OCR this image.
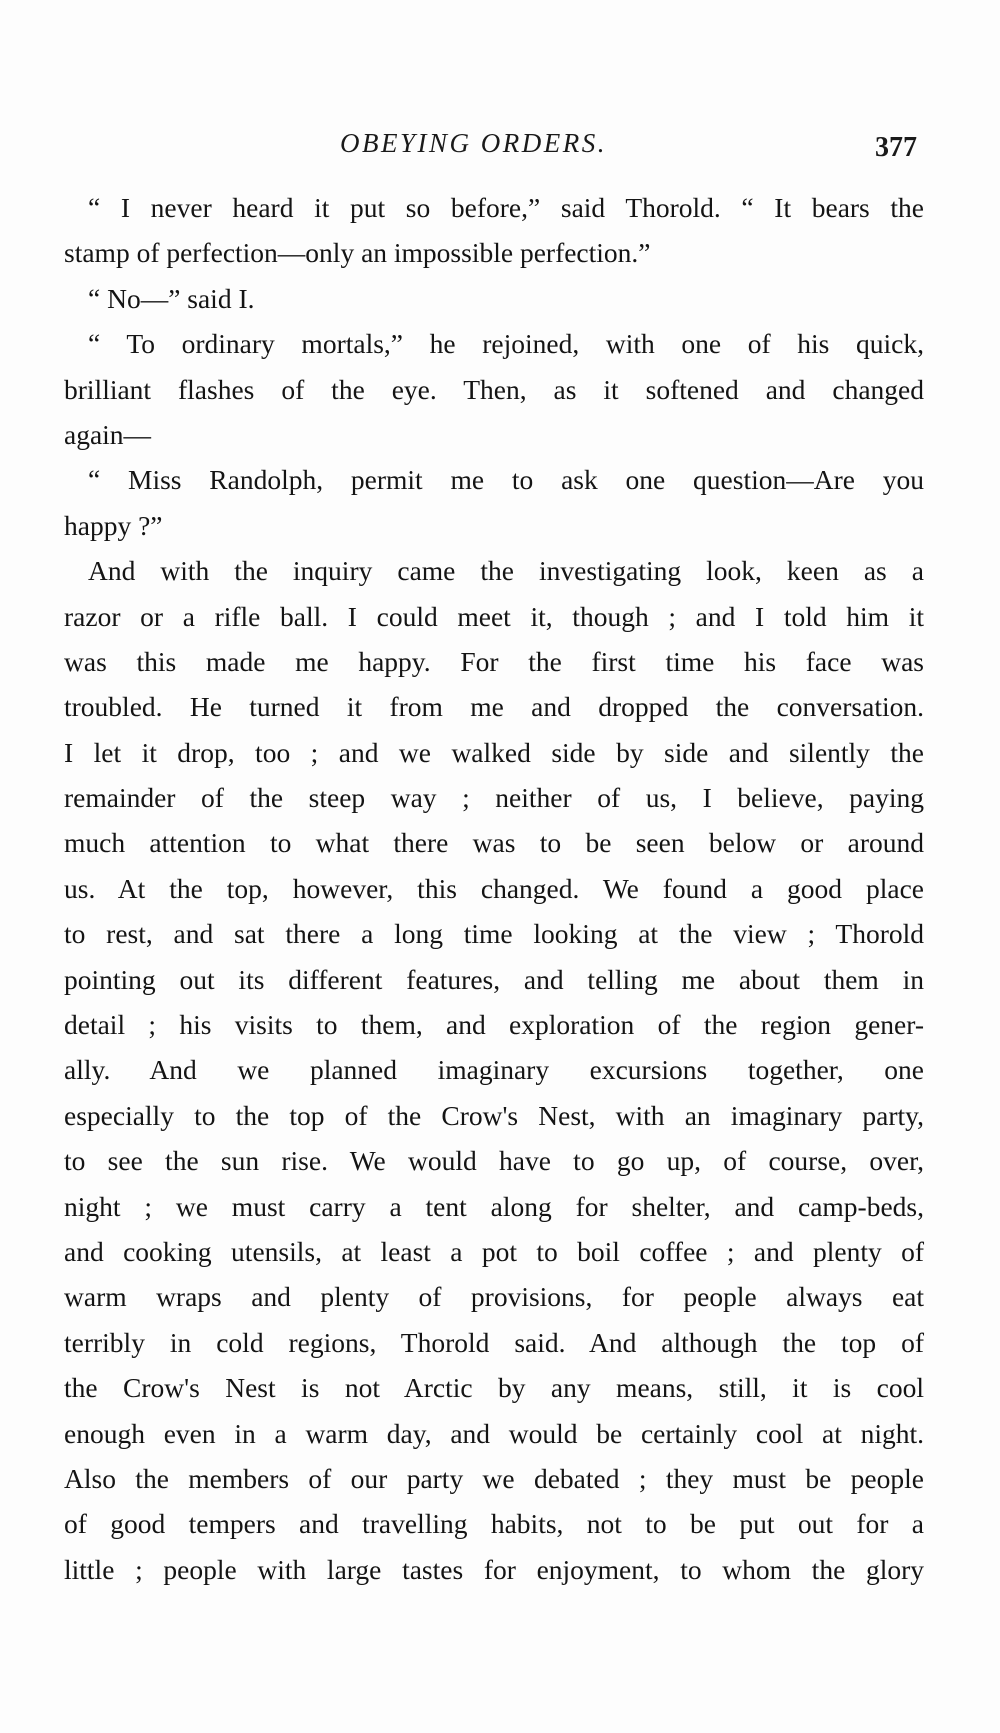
OBEYING ORDERS.	377
“ I never heard it put so before,” said Thorold. “ It bears the
stamp of perfection—only an impossible perfection.”
“ No—” said I.
“ To ordinary mortals,” he rejoined, with one of his quick,
brilliant flashes of the eye. Then, as it softened and changed
again—
“ Miss Randolph, permit me to ask one question—Are you
happy ?”
And with the inquiry came the investigating look, keen as a
razor or a rifle ball. I could meet it, though ; and I told him it
was this made me happy. For the first time his face was
troubled. He turned it from me and dropped the conversation.
I let it drop, too ; and we walked side by side and silently the
remainder of the steep way ; neither of us, I believe, paying
much attention to what there was to be seen below or around
us. At the top, however, this changed. We found a good place
to rest, and sat there a long time looking at the view ; Thorold
pointing out its different features, and telling me about them in
detail ; his visits to them, and exploration of the region gener-
ally. And we planned imaginary excursions together, one
especially to the top of the Crow's Nest, with an imaginary party,
to see the sun rise. We would have to go up, of course, over,
night ; we must carry a tent along for shelter, and camp-beds,
and cooking utensils, at least a pot to boil coffee ; and plenty of
warm wraps and plenty of provisions, for people always eat
terribly in cold regions, Thorold said. And although the top of
the Crow's Nest is not Arctic by any means, still, it is cool
enough even in a warm day, and would be certainly cool at night.
Also the members of our party we debated ; they must be people
of good tempers and travelling habits, not to be put out for a
little ; people with large tastes for enjoyment, to whom the glory
